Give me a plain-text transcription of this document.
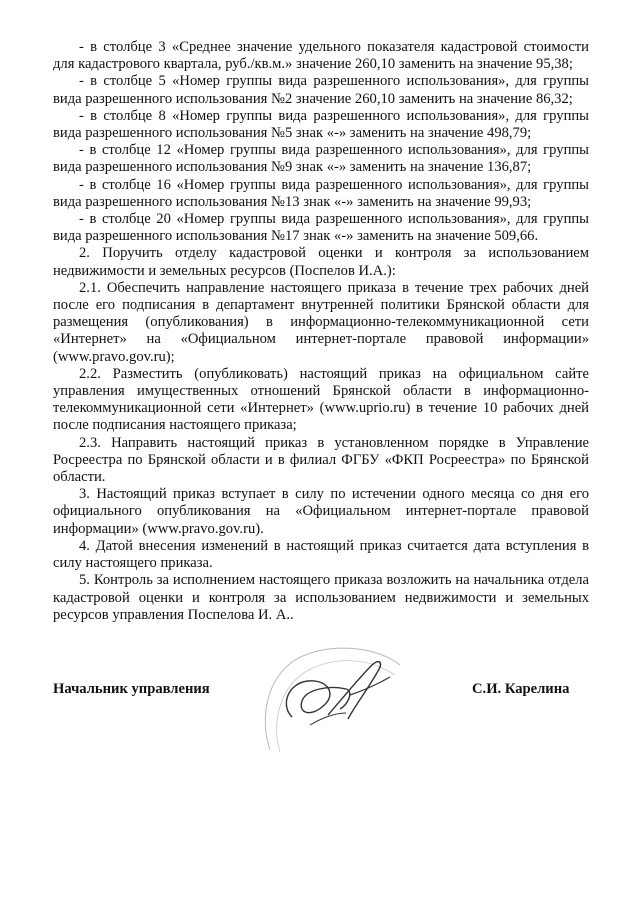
- в столбце 3 «Среднее значение удельного показателя кадастровой стоимости для кадастрового квартала, руб./кв.м.» значение 260,10 заменить на значение 95,38;

- в столбце 5 «Номер группы вида разрешенного использования», для группы вида разрешенного использования №2 значение 260,10 заменить на значение 86,32;

- в столбце 8 «Номер группы вида разрешенного использования», для группы вида разрешенного использования №5 знак «-» заменить на значение 498,79;

- в столбце 12 «Номер группы вида разрешенного использования», для группы вида разрешенного использования №9 знак «-» заменить на значение 136,87;

- в столбце 16 «Номер группы вида разрешенного использования», для группы вида разрешенного использования №13 знак «-» заменить на значение 99,93;

- в столбце 20 «Номер группы вида разрешенного использования», для группы вида разрешенного использования №17 знак «-» заменить на значение 509,66.

2. Поручить отделу кадастровой оценки и контроля за использованием недвижимости и земельных ресурсов (Поспелов И.А.):

2.1. Обеспечить направление настоящего приказа в течение трех рабочих дней после его подписания в департамент внутренней политики Брянской области для размещения (опубликования) в информационно-телекоммуникационной сети «Интернет» на «Официальном интернет-портале правовой информации» (www.pravo.gov.ru);

2.2. Разместить (опубликовать) настоящий приказ на официальном сайте управления имущественных отношений Брянской области в информационно-телекоммуникационной сети «Интернет» (www.uprio.ru) в течение 10 рабочих дней после подписания настоящего приказа;

2.3. Направить настоящий приказ в установленном порядке в Управление Росреестра по Брянской области и в филиал ФГБУ «ФКП Росреестра» по Брянской области.

3. Настоящий приказ вступает в силу по истечении одного месяца со дня его официального опубликования на «Официальном интернет-портале правовой информации» (www.pravo.gov.ru).

4. Датой внесения изменений в настоящий приказ считается дата вступления в силу настоящего приказа.

5. Контроль за исполнением настоящего приказа возложить на начальника отдела кадастровой оценки и контроля за использованием недвижимости и земельных ресурсов управления Поспелова И. А..

Начальник управления	С.И. Карелина
